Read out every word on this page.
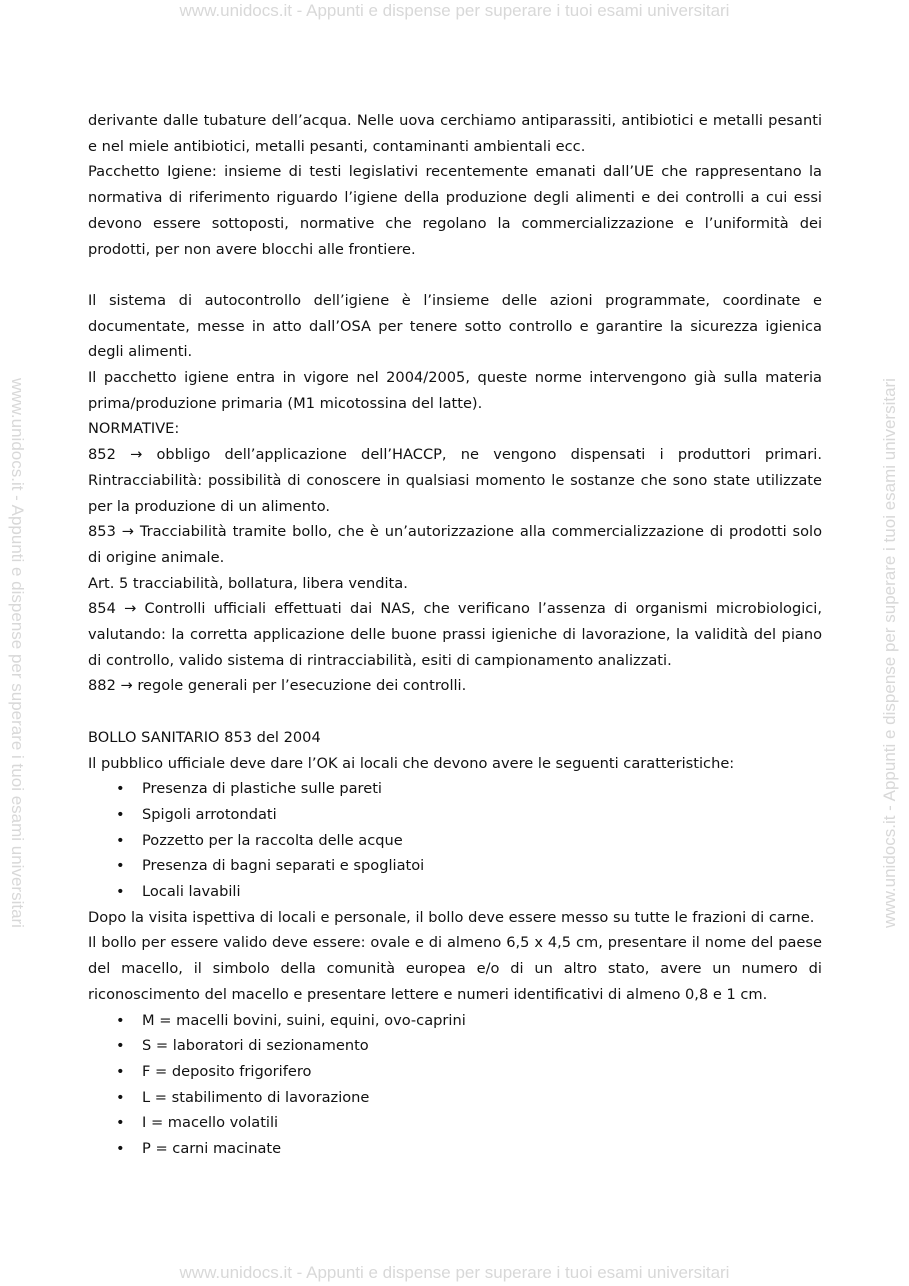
www.unidocs.it - Appunti e dispense per superare i tuoi esami universitari
www.unidocs.it - Appunti e dispense per superare i tuoi esami universitari
www.unidocs.it - Appunti e dispense per superare i tuoi esami universitari	www.unidocs.it - Appunti e dispense per superare i tuoi esami universitari

derivante dalle tubature dell’acqua. Nelle uova cerchiamo antiparassiti, antibiotici e metalli pesanti e nel miele antibiotici, metalli pesanti, contaminanti ambientali ecc.

Pacchetto Igiene: insieme di testi legislativi recentemente emanati dall’UE che rappresentano la normativa di riferimento riguardo l’igiene della produzione degli alimenti e dei controlli a cui essi devono essere sottoposti, normative che regolano la commercializzazione e l’uniformità dei prodotti, per non avere blocchi alle frontiere.

Il sistema di autocontrollo dell’igiene è l’insieme delle azioni programmate, coordinate e documentate, messe in atto dall’OSA per tenere sotto controllo e garantire la sicurezza igienica degli alimenti.

Il pacchetto igiene entra in vigore nel 2004/2005, queste norme intervengono già sulla materia prima/produzione primaria (M1 micotossina del latte).

NORMATIVE:

852 → obbligo dell’applicazione dell’HACCP, ne vengono dispensati i produttori primari. Rintracciabilità: possibilità di conoscere in qualsiasi momento le sostanze che sono state utilizzate per la produzione di un alimento.

853 → Tracciabilità tramite bollo, che è un’autorizzazione alla commercializzazione di prodotti solo di origine animale.

Art. 5 tracciabilità, bollatura, libera vendita.

854 → Controlli ufficiali effettuati dai NAS, che verificano l’assenza di organismi microbiologici, valutando: la corretta applicazione delle buone prassi igieniche di lavorazione, la validità del piano di controllo, valido sistema di rintracciabilità, esiti di campionamento analizzati.

882 → regole generali per l’esecuzione dei controlli.

BOLLO SANITARIO 853 del 2004

Il pubblico ufficiale deve dare l’OK ai locali che devono avere le seguenti caratteristiche:

• Presenza di plastiche sulle pareti
• Spigoli arrotondati
• Pozzetto per la raccolta delle acque
• Presenza di bagni separati e spogliatoi
• Locali lavabili

Dopo la visita ispettiva di locali e personale, il bollo deve essere messo su tutte le frazioni di carne.

Il bollo per essere valido deve essere: ovale e di almeno 6,5 x 4,5 cm, presentare il nome del paese del macello, il simbolo della comunità europea e/o di un altro stato, avere un numero di riconoscimento del macello e presentare lettere e numeri identificativi di almeno 0,8 e 1 cm.

• M = macelli bovini, suini, equini, ovo-caprini
• S = laboratori di sezionamento
• F = deposito frigorifero
• L = stabilimento di lavorazione
• I = macello volatili
• P = carni macinate
